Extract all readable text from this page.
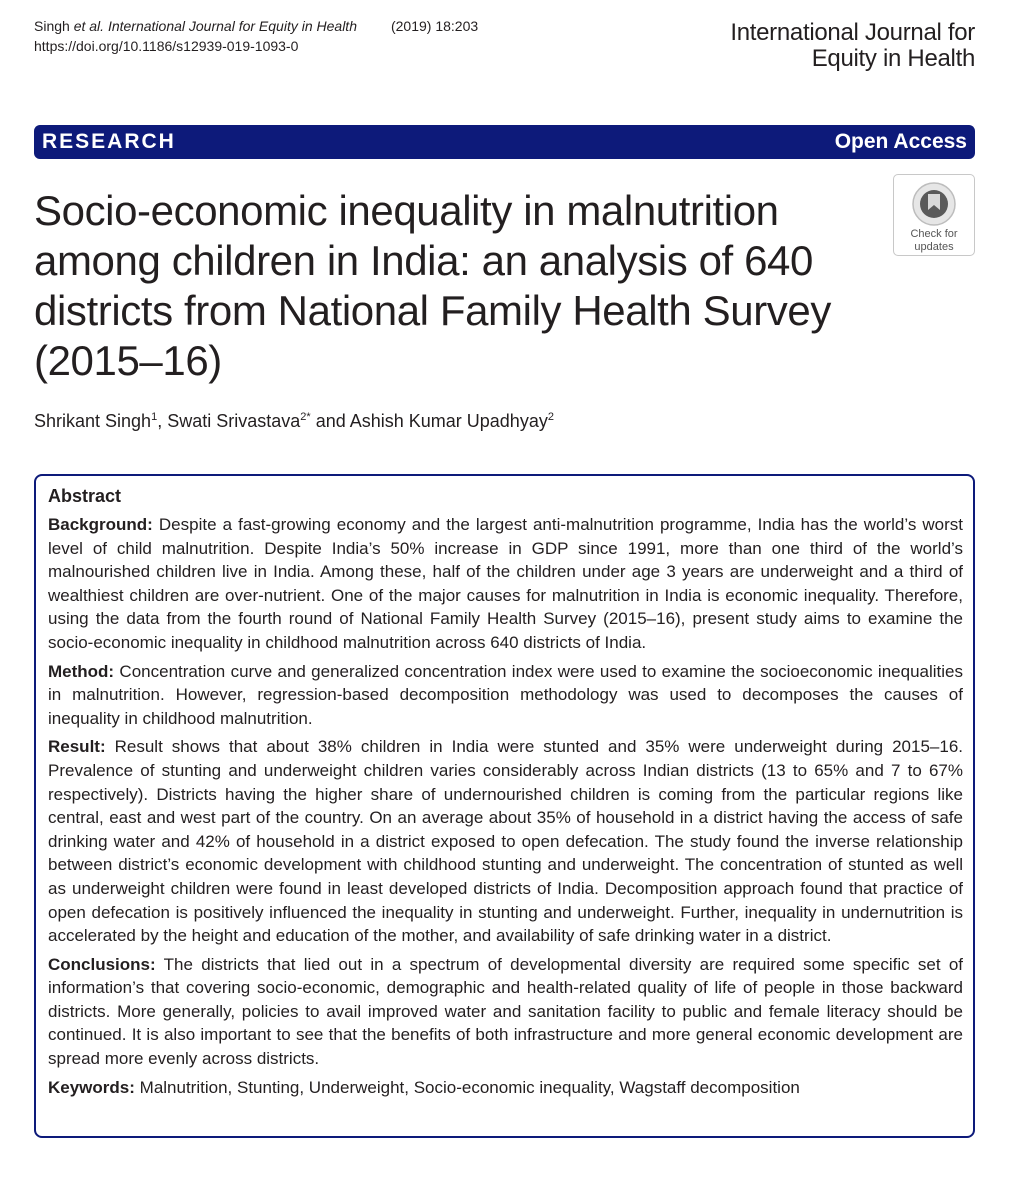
Singh et al. International Journal for Equity in Health (2019) 18:203
https://doi.org/10.1186/s12939-019-1093-0	International Journal for
Equity in Health
RESEARCH	Open Access
Socio-economic inequality in malnutrition among children in India: an analysis of 640 districts from National Family Health Survey (2015–16)
Check for
updates
Shrikant Singh$^1$, Swati Srivastava$^{2*}$ and Ashish Kumar Upadhyay$^2$
Abstract

Background: Despite a fast-growing economy and the largest anti-malnutrition programme, India has the world’s worst level of child malnutrition. Despite India’s 50% increase in GDP since 1991, more than one third of the world’s malnourished children live in India. Among these, half of the children under age 3 years are underweight and a third of wealthiest children are over-nutrient. One of the major causes for malnutrition in India is economic inequality. Therefore, using the data from the fourth round of National Family Health Survey (2015–16), present study aims to examine the socio-economic inequality in childhood malnutrition across 640 districts of India.

Method: Concentration curve and generalized concentration index were used to examine the socioeconomic inequalities in malnutrition. However, regression-based decomposition methodology was used to decomposes the causes of inequality in childhood malnutrition.

Result: Result shows that about 38% children in India were stunted and 35% were underweight during 2015–16. Prevalence of stunting and underweight children varies considerably across Indian districts (13 to 65% and 7 to 67% respectively). Districts having the higher share of undernourished children is coming from the particular regions like central, east and west part of the country. On an average about 35% of household in a district having the access of safe drinking water and 42% of household in a district exposed to open defecation. The study found the inverse relationship between district’s economic development with childhood stunting and underweight. The concentration of stunted as well as underweight children were found in least developed districts of India. Decomposition approach found that practice of open defecation is positively influenced the inequality in stunting and underweight. Further, inequality in undernutrition is accelerated by the height and education of the mother, and availability of safe drinking water in a district.

Conclusions: The districts that lied out in a spectrum of developmental diversity are required some specific set of information’s that covering socio-economic, demographic and health-related quality of life of people in those backward districts. More generally, policies to avail improved water and sanitation facility to public and female literacy should be continued. It is also important to see that the benefits of both infrastructure and more general economic development are spread more evenly across districts.

Keywords: Malnutrition, Stunting, Underweight, Socio-economic inequality, Wagstaff decomposition
